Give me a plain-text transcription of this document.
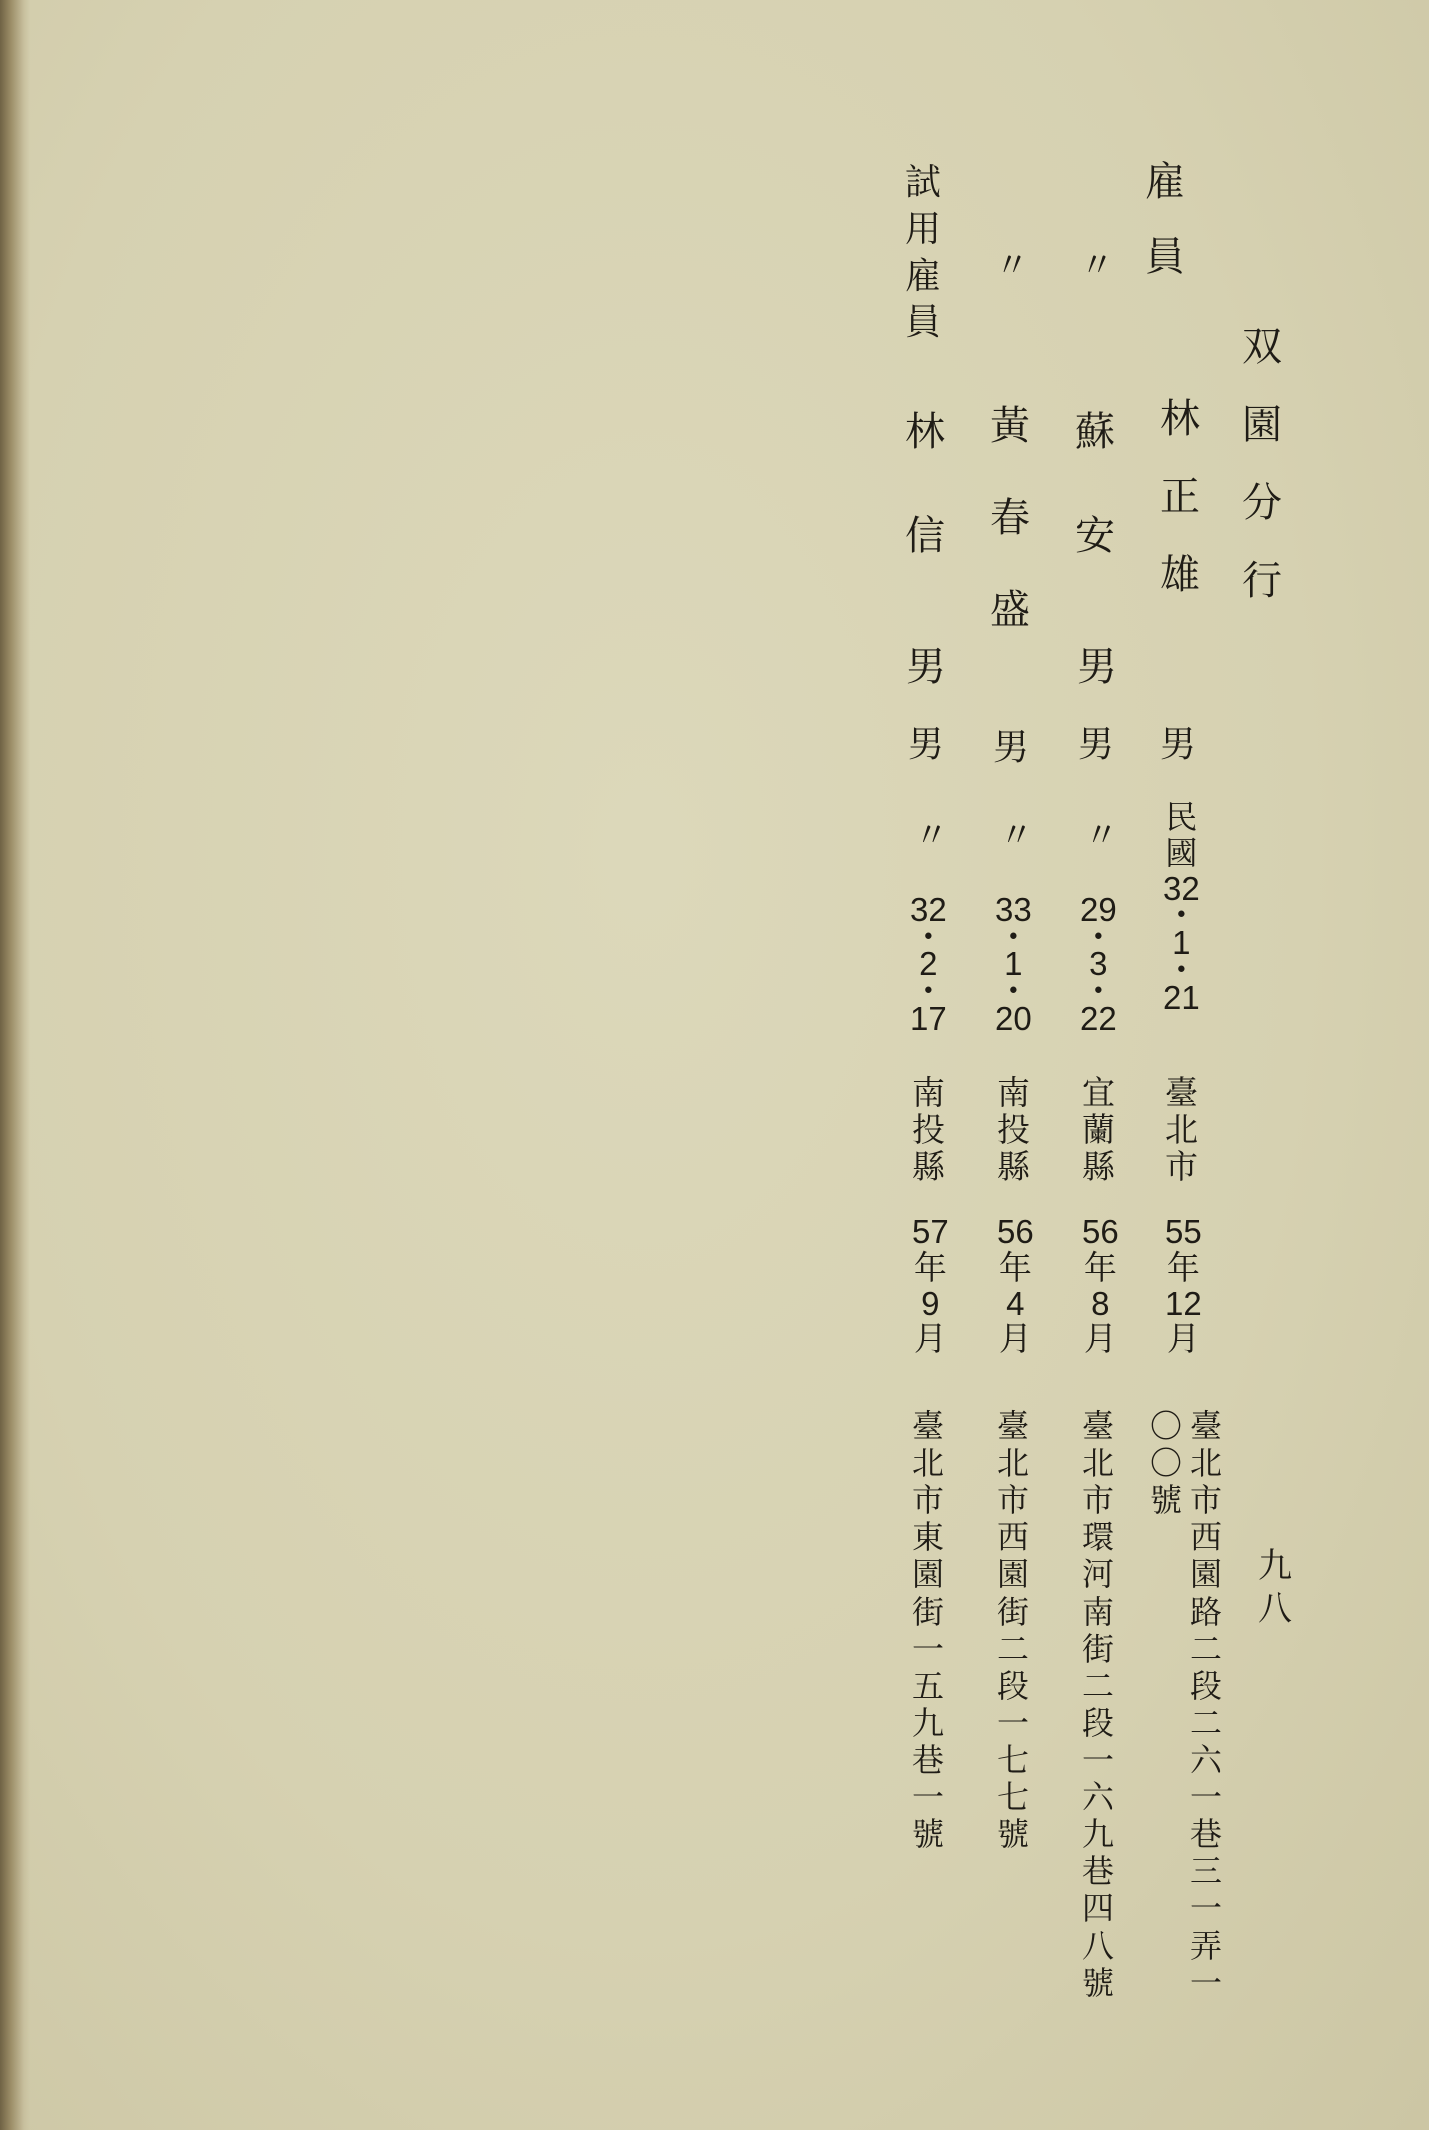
双
園
分
行
九
八
雇
員
林
正
雄
男
民
國
32
•
1
•
21
臺
北
市
55
年
12
月
臺
北
市
西
園
路
二
段
二
六
一
巷
三
一
弄
一
〇
〇
號
〃
蘇
安
男
男
〃
29
•
3
•
22
宜
蘭
縣
56
年
8
月
臺
北
市
環
河
南
街
二
段
一
六
九
巷
四
八
號
〃
黃
春
盛
男
〃
33
•
1
•
20
南
投
縣
56
年
4
月
臺
北
市
西
園
街
二
段
一
七
七
號
試
用
雇
員
林
信
男
男
〃
32
•
2
•
17
南
投
縣
57
年
9
月
臺
北
市
東
園
街
一
五
九
巷
一
號
